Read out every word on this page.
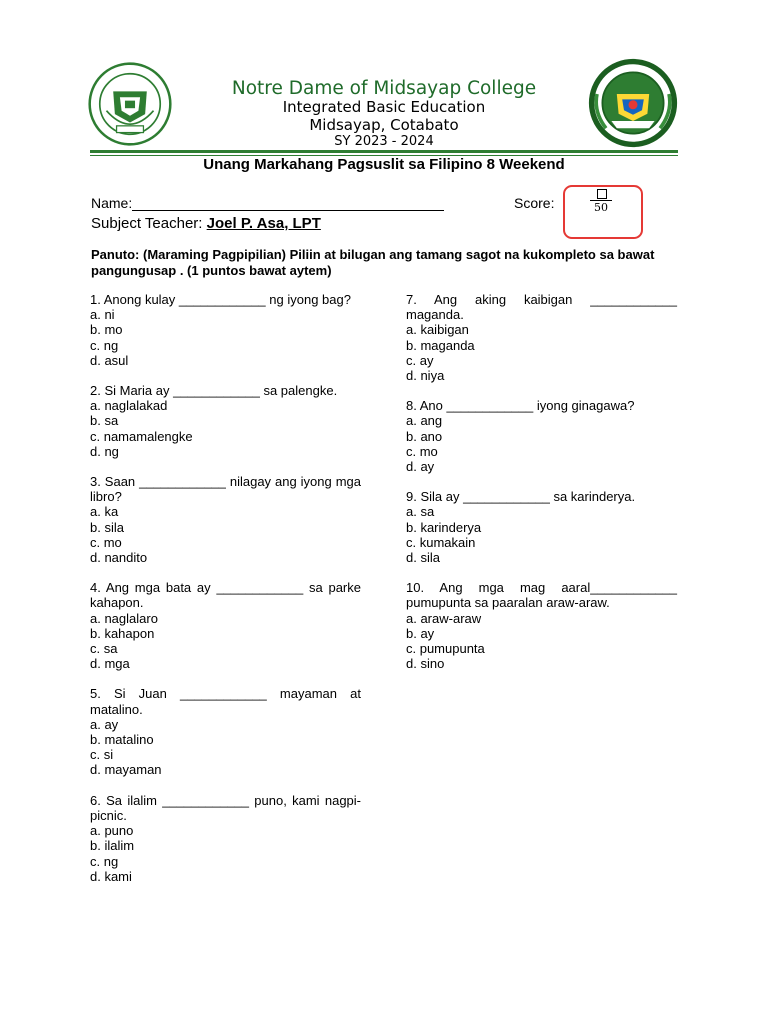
Notre Dame of Midsayap College
Integrated Basic Education
Midsayap, Cotabato
SY 2023 - 2024
Unang Markahang Pagsuslit sa Filipino 8 Weekend
Name:	Score:	50
Subject Teacher: Joel P. Asa, LPT
Panuto: (Maraming Pagpipilian) Piliin at bilugan ang tamang sagot na kukompleto sa bawat pangungusap . (1 puntos bawat aytem)
1. Anong kulay ____________ ng iyong bag?
a. ni
b. mo
c. ng
d. asul
2. Si Maria ay ____________ sa palengke.
a. naglalakad
b. sa
c. namamalengke
d. ng
3. Saan ____________ nilagay ang iyong mga libro?
a. ka
b. sila
c. mo
d. nandito
4. Ang mga bata ay ____________ sa parke kahapon.
a. naglalaro
b. kahapon
c. sa
d. mga
5. Si Juan ____________ mayaman at matalino.
a. ay
b. matalino
c. si
d. mayaman
6. Sa ilalim ____________ puno, kami nagpi-picnic.
a. puno
b. ilalim
c. ng
d. kami
7. Ang aking kaibigan ____________ maganda.
a. kaibigan
b. maganda
c. ay
d. niya
8. Ano ____________ iyong ginagawa?
a. ang
b. ano
c. mo
d. ay
9. Sila ay ____________ sa karinderya.
a. sa
b. karinderya
c. kumakain
d. sila
10. Ang mga mag aaral____________ pumupunta sa paaralan araw-araw.
a. araw-araw
b. ay
c. pumupunta
d. sino
